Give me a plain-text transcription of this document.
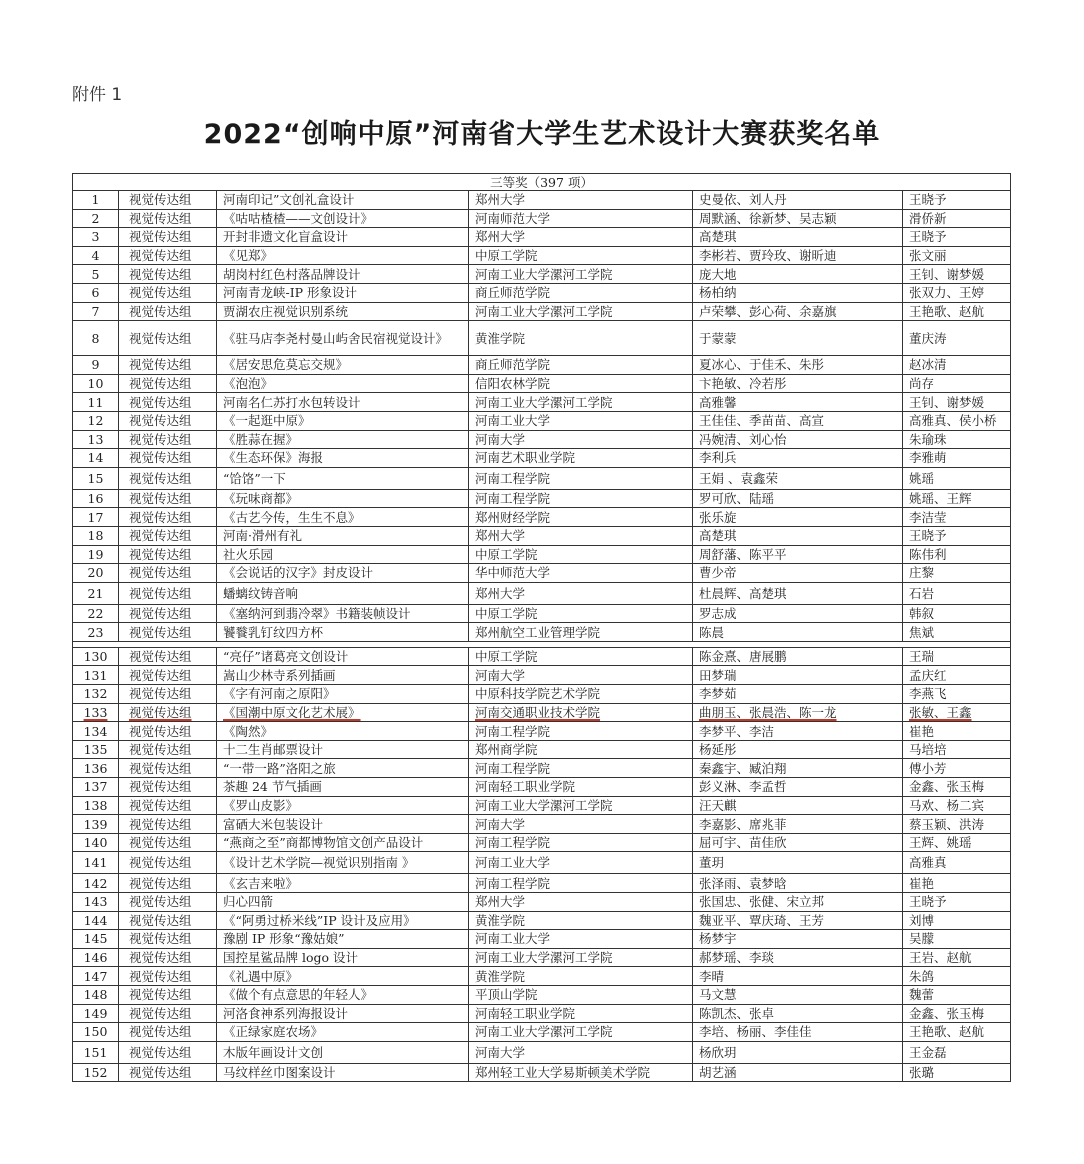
附件 1
2022“创响中原”河南省大学生艺术设计大赛获奖名单
三等奖（397 项）					
1	视觉传达组	河南印记”文创礼盒设计	郑州大学	史曼依、刘人丹	王晓予
2	视觉传达组	《咕咕楂楂——文创设计》	河南师范大学	周默涵、徐新梦、吴志颖	滑侨新
3	视觉传达组	开封非遗文化盲盒设计	郑州大学	高楚琪	王晓予
4	视觉传达组	《见郑》	中原工学院	李彬若、贾玲玫、谢昕迪	张文丽
5	视觉传达组	胡岗村红色村落品牌设计	河南工业大学漯河工学院	庞大地	王钊、谢梦媛
6	视觉传达组	河南青龙峡-IP 形象设计	商丘师范学院	杨柏纳	张双力、王婷
7	视觉传达组	贾湖农庄视觉识别系统	河南工业大学漯河工学院	卢荣攀、彭心荷、余嘉旗	王艳歌、赵航
8	视觉传达组	《驻马店李尧村曼山屿舍民宿视觉设计》	黄淮学院	于蒙蒙	董庆涛
9	视觉传达组	《居安思危莫忘交规》	商丘师范学院	夏冰心、于佳禾、朱彤	赵冰清
10	视觉传达组	《泡泡》	信阳农林学院	卞艳敏、冷若彤	尚存
11	视觉传达组	河南名仁苏打水包转设计	河南工业大学漯河工学院	高雅馨	王钊、谢梦媛
12	视觉传达组	《一起逛中原》	河南工业大学	王佳佳、季苗苗、高宣	高雅真、侯小桥
13	视觉传达组	《胜蒜在握》	河南大学	冯婉清、刘心怡	朱瑜珠
14	视觉传达组	《生态环保》海报	河南艺术职业学院	李利兵	李雅萌
15	视觉传达组	“饸饹”一下	河南工程学院	王娟 、袁鑫荣	姚瑶
16	视觉传达组	《玩味商都》	河南工程学院	罗可欣、陆瑶	姚瑶、王辉
17	视觉传达组	《古艺今传，生生不息》	郑州财经学院	张乐旋	李洁莹
18	视觉传达组	河南·滑州有礼	郑州大学	高楚琪	王晓予
19	视觉传达组	社火乐园	中原工学院	周舒藩、陈平平	陈伟利
20	视觉传达组	《会说话的汉字》封皮设计	华中师范大学	曹少帝	庄黎
21	视觉传达组	蟠螭纹铸音响	郑州大学	杜晨辉、高楚琪	石岩
22	视觉传达组	《塞纳河到翡冷翠》书籍装帧设计	中原工学院	罗志成	韩叙
23	视觉传达组	饕餮乳钉纹四方杯	郑州航空工业管理学院	陈晨	焦斌

130	视觉传达组	“亮仔”诸葛亮文创设计	中原工学院	陈金熹、唐展鹏	王瑞
131	视觉传达组	嵩山少林寺系列插画	河南大学	田梦瑞	孟庆红
132	视觉传达组	《字有河南之原阳》	中原科技学院艺术学院	李梦茹	李燕飞
133	视觉传达组	《国潮中原文化艺术展》	河南交通职业技术学院	曲朋玉、张晨浩、陈一龙	张敏、王鑫
134	视觉传达组	《陶然》	河南工程学院	李梦平、李洁	崔艳
135	视觉传达组	十二生肖邮票设计	郑州商学院	杨延彤	马培培
136	视觉传达组	“一带一路”洛阳之旅	河南工程学院	秦鑫宇、臧泊翔	傅小芳
137	视觉传达组	茶趣 24 节气插画	河南轻工职业学院	彭义淋、李孟哲	金鑫、张玉梅
138	视觉传达组	《罗山皮影》	河南工业大学漯河工学院	汪天麒	马欢、杨二宾
139	视觉传达组	富硒大米包装设计	河南大学	李嘉影、席兆菲	蔡玉颖、洪涛
140	视觉传达组	“燕商之至”商都博物馆文创产品设计	河南工程学院	屈可宇、苗佳欣	王辉、姚瑶
141	视觉传达组	《设计艺术学院—视觉识别指南 》	河南工业大学	董玥	高雅真
142	视觉传达组	《玄吉来啦》	河南工程学院	张泽雨、袁梦晗	崔艳
143	视觉传达组	归心四箭	郑州大学	张国忠、张健、宋立邦	王晓予
144	视觉传达组	《“阿勇过桥米线”IP 设计及应用》	黄淮学院	魏亚平、覃庆琦、王芳	刘博
145	视觉传达组	豫剧 IP 形象“豫姑娘”	河南工业大学	杨梦宇	吴朦
146	视觉传达组	国控星鲨品牌 logo 设计	河南工业大学漯河工学院	郝梦瑶、李琰	王岩、赵航
147	视觉传达组	《礼遇中原》	黄淮学院	李晴	朱鸽
148	视觉传达组	《做个有点意思的年轻人》	平顶山学院	马文慧	魏蕾
149	视觉传达组	河洛食神系列海报设计	河南轻工职业学院	陈凯杰、张卓	金鑫、张玉梅
150	视觉传达组	《正绿家庭农场》	河南工业大学漯河工学院	李培、杨丽、李佳佳	王艳歌、赵航
151	视觉传达组	木版年画设计文创	河南大学	杨欣玥	王金磊
152	视觉传达组	马纹样丝巾图案设计	郑州轻工业大学易斯顿美术学院	胡艺涵	张璐
